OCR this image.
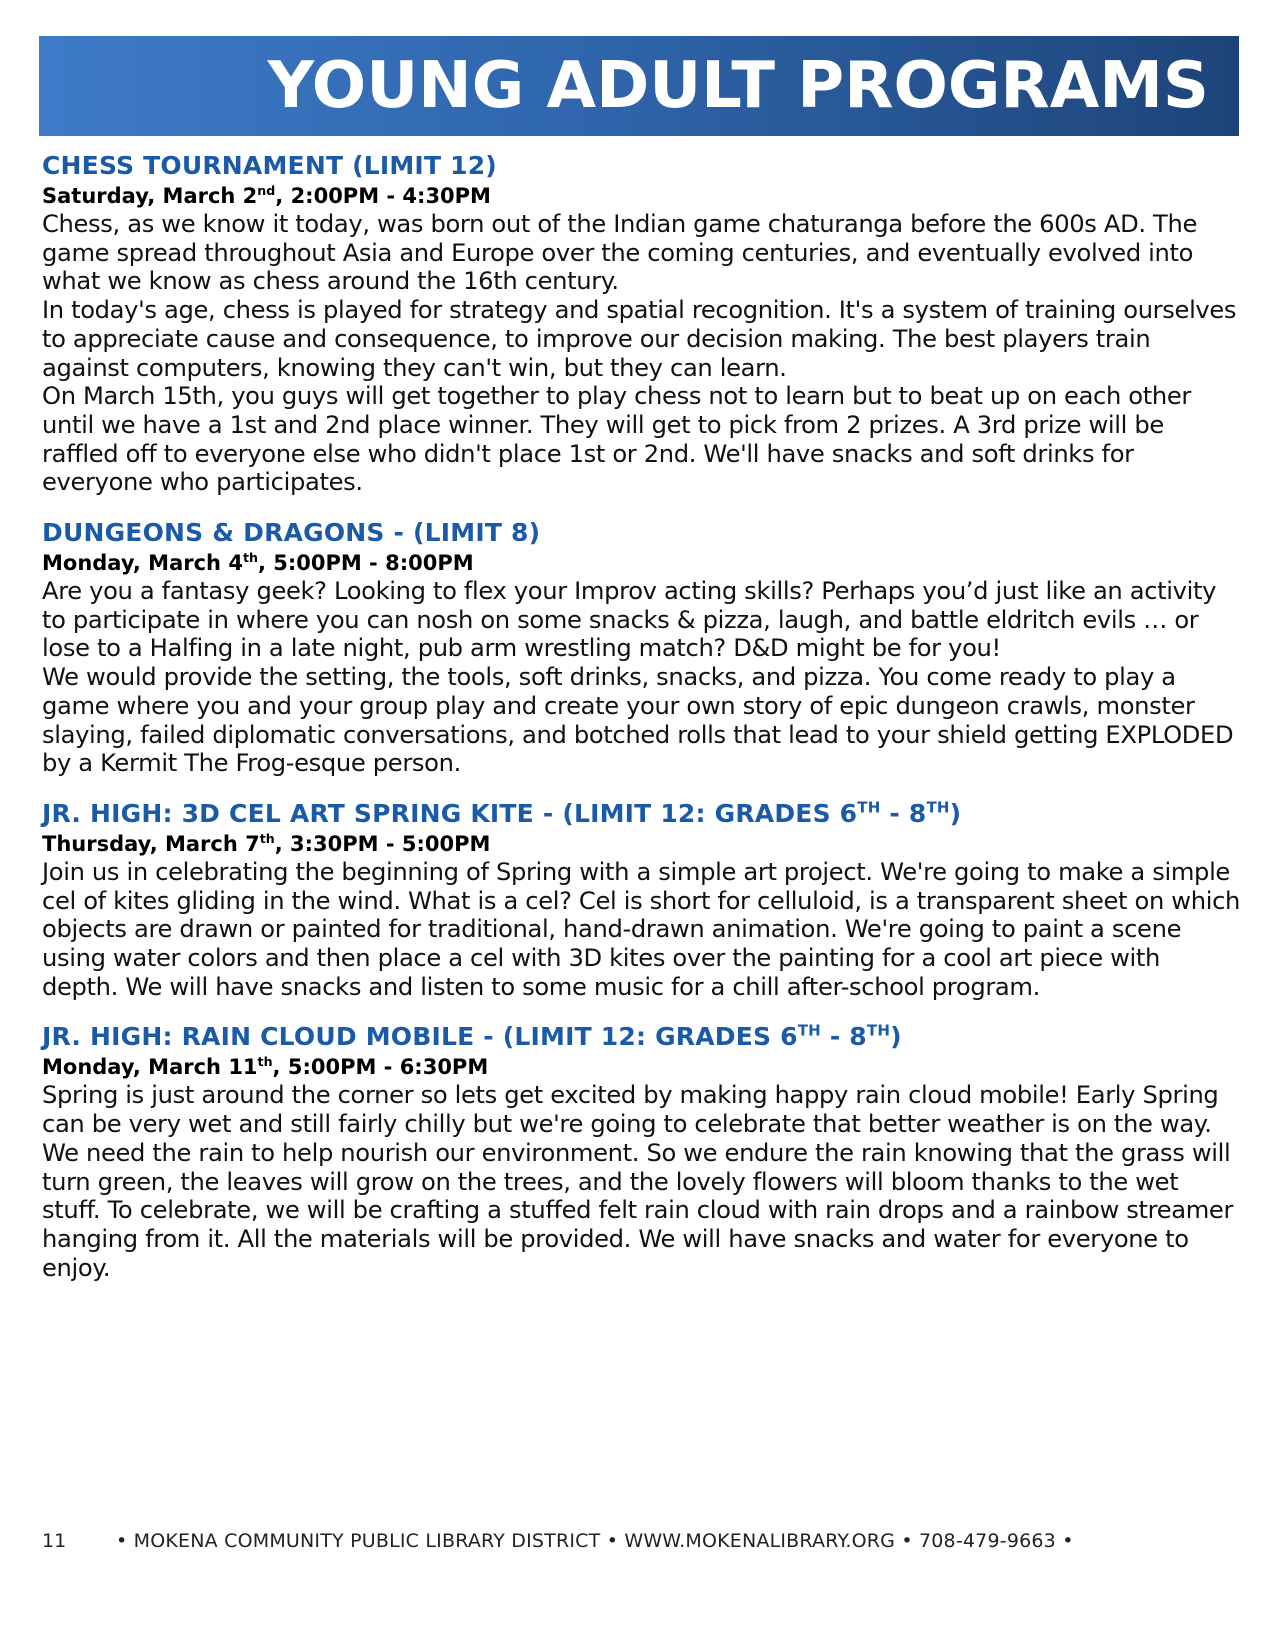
YOUNG ADULT PROGRAMS

CHESS TOURNAMENT (LIMIT 12)

Saturday, March 2nd, 2:00PM - 4:30PM

Chess, as we know it today, was born out of the Indian game chaturanga before the 600s AD. The game spread throughout Asia and Europe over the coming centuries, and eventually evolved into what we know as chess around the 16th century.

In today's age, chess is played for strategy and spatial recognition. It's a system of training ourselves to appreciate cause and consequence, to improve our decision making. The best players train against computers, knowing they can't win, but they can learn.

On March 15th, you guys will get together to play chess not to learn but to beat up on each other until we have a 1st and 2nd place winner. They will get to pick from 2 prizes. A 3rd prize will be raffled off to everyone else who didn't place 1st or 2nd. We'll have snacks and soft drinks for everyone who participates.

DUNGEONS & DRAGONS - (LIMIT 8)

Monday, March 4th, 5:00PM - 8:00PM

Are you a fantasy geek? Looking to flex your Improv acting skills? Perhaps you’d just like an activity to participate in where you can nosh on some snacks & pizza, laugh, and battle eldritch evils … or lose to a Halfing in a late night, pub arm wrestling match? D&D might be for you!

We would provide the setting, the tools, soft drinks, snacks, and pizza. You come ready to play a game where you and your group play and create your own story of epic dungeon crawls, monster slaying, failed diplomatic conversations, and botched rolls that lead to your shield getting EXPLODED by a Kermit The Frog-esque person.

JR. HIGH: 3D CEL ART SPRING KITE - (LIMIT 12: GRADES 6TH - 8TH)

Thursday, March 7th, 3:30PM - 5:00PM

Join us in celebrating the beginning of Spring with a simple art project. We're going to make a simple cel of kites gliding in the wind. What is a cel? Cel is short for celluloid, is a transparent sheet on which objects are drawn or painted for traditional, hand-drawn animation. We're going to paint a scene using water colors and then place a cel with 3D kites over the painting for a cool art piece with depth. We will have snacks and listen to some music for a chill after-school program.

JR. HIGH: RAIN CLOUD MOBILE - (LIMIT 12: GRADES 6TH - 8TH)

Monday, March 11th, 5:00PM - 6:30PM

Spring is just around the corner so lets get excited by making happy rain cloud mobile! Early Spring can be very wet and still fairly chilly but we're going to celebrate that better weather is on the way. We need the rain to help nourish our environment. So we endure the rain knowing that the grass will turn green, the leaves will grow on the trees, and the lovely flowers will bloom thanks to the wet stuff. To celebrate, we will be crafting a stuffed felt rain cloud with rain drops and a rainbow streamer hanging from it. All the materials will be provided. We will have snacks and water for everyone to enjoy.

11	• MOKENA COMMUNITY PUBLIC LIBRARY DISTRICT • WWW.MOKENALIBRARY.ORG • 708-479-9663 •
